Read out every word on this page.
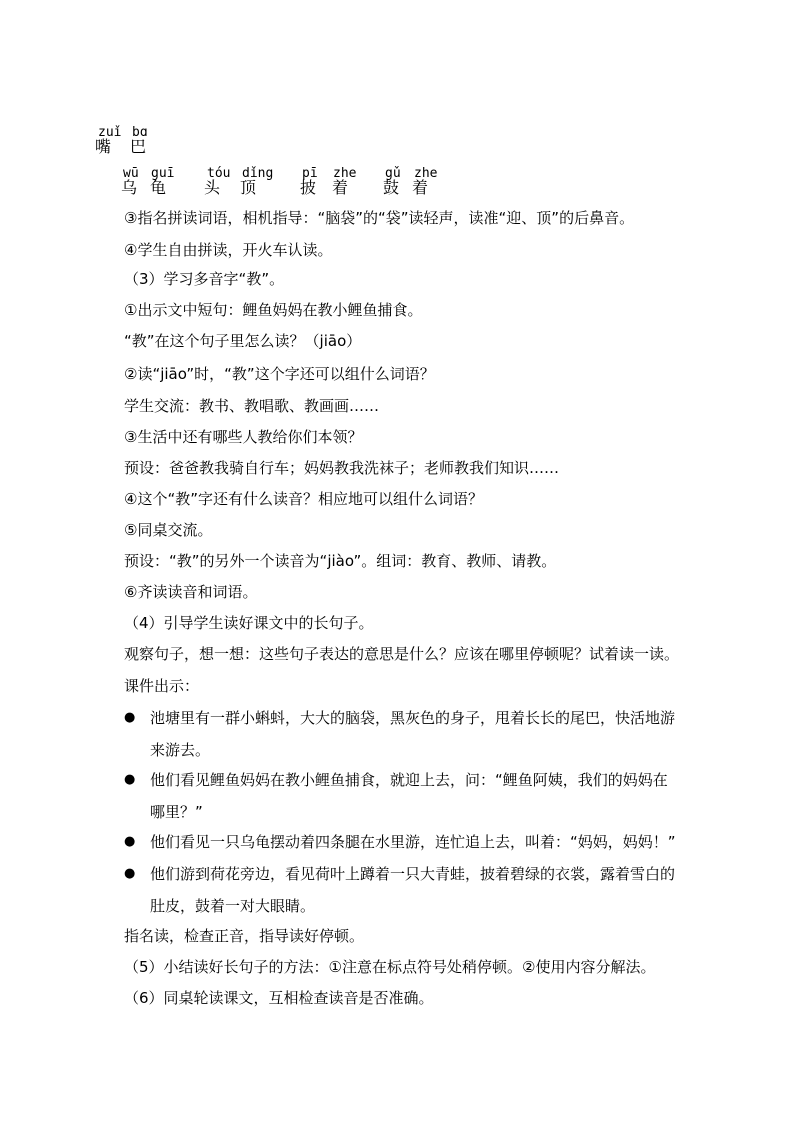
zuǐ
嘴
bɑ
巴
wū
乌
guī
龟
tóu
头
dǐng
顶
pī
披
zhe
着
gǔ
鼓
zhe
着
③指名拼读词语，相机指导：“脑袋”的“袋”读轻声，读准“迎、顶”的后鼻音。
④学生自由拼读，开火车认读。
（3）学习多音字“教”。
①出示文中短句：鲤鱼妈妈在教小鲤鱼捕食。
“教”在这个句子里怎么读？（jiāo）
②读“jiāo”时，“教”这个字还可以组什么词语？
学生交流：教书、教唱歌、教画画……
③生活中还有哪些人教给你们本领？
预设：爸爸教我骑自行车；妈妈教我洗袜子；老师教我们知识……
④这个“教”字还有什么读音？相应地可以组什么词语？
⑤同桌交流。
预设：“教”的另外一个读音为“jiào”。组词：教育、教师、请教。
⑥齐读读音和词语。
（4）引导学生读好课文中的长句子。
观察句子，想一想：这些句子表达的意思是什么？应该在哪里停顿呢？试着读一读。
课件出示：
● 池塘里有一群小蝌蚪，大大的脑袋，黑灰色的身子，甩着长长的尾巴，快活地游
来游去。
● 他们看见鲤鱼妈妈在教小鲤鱼捕食，就迎上去，问：“鲤鱼阿姨，我们的妈妈在
哪里？”
● 他们看见一只乌龟摆动着四条腿在水里游，连忙追上去，叫着：“妈妈，妈妈！”
● 他们游到荷花旁边，看见荷叶上蹲着一只大青蛙，披着碧绿的衣裳，露着雪白的
肚皮，鼓着一对大眼睛。
指名读，检查正音，指导读好停顿。
（5）小结读好长句子的方法：①注意在标点符号处稍停顿。②使用内容分解法。
（6）同桌轮读课文，互相检查读音是否准确。
